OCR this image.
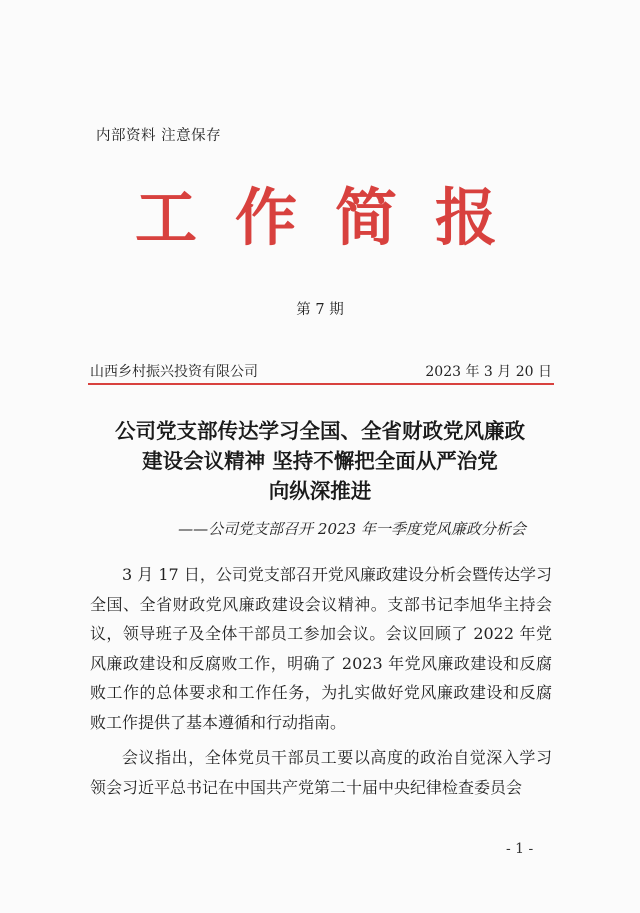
内部资料 注意保存
工作简报
第 7 期
山西乡村振兴投资有限公司	2023 年 3 月 20 日
公司党支部传达学习全国、全省财政党风廉政
建设会议精神 坚持不懈把全面从严治党
向纵深推进
——公司党支部召开 2023 年一季度党风廉政分析会

3 月 17 日，公司党支部召开党风廉政建设分析会暨传达学习全国、全省财政党风廉政建设会议精神。支部书记李旭华主持会议，领导班子及全体干部员工参加会议。会议回顾了 2022 年党风廉政建设和反腐败工作，明确了 2023 年党风廉政建设和反腐败工作的总体要求和工作任务，为扎实做好党风廉政建设和反腐败工作提供了基本遵循和行动指南。

会议指出，全体党员干部员工要以高度的政治自觉深入学习领会习近平总书记在中国共产党第二十届中央纪律检查委员会

- 1 -
